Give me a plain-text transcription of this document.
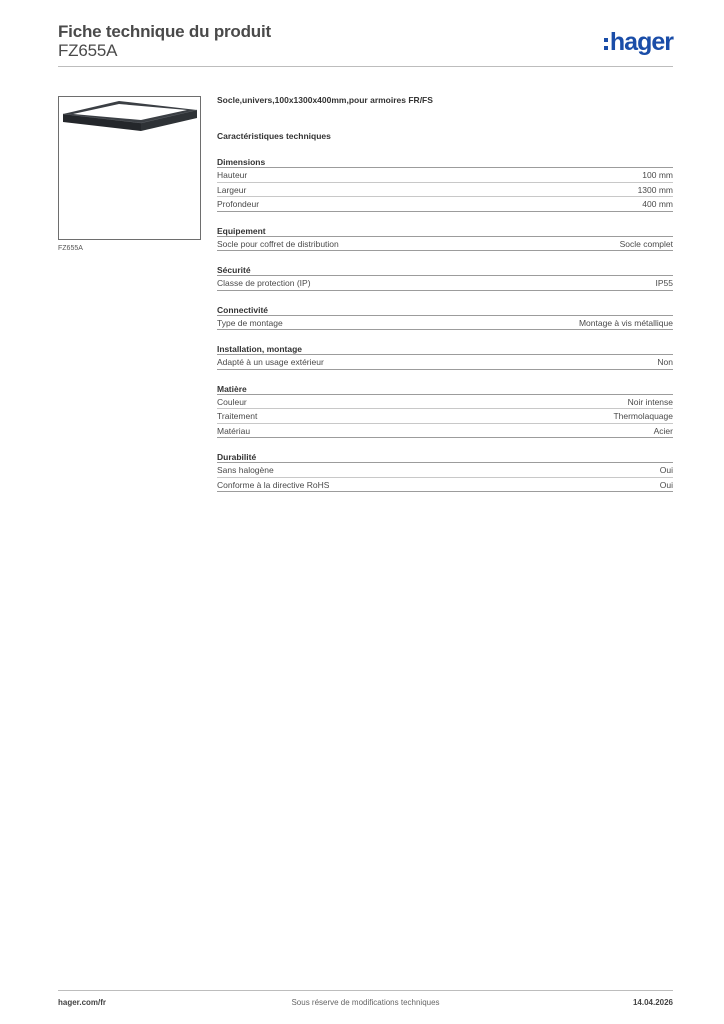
Fiche technique du produit
FZ655A	hager
FZ655A
Socle,univers,100x1300x400mm,pour armoires FR/FS
Caractéristiques techniques
Dimensions
Hauteur	100 mm
Largeur	1300 mm
Profondeur	400 mm
Equipement
Socle pour coffret de distribution	Socle complet
Sécurité
Classe de protection (IP)	IP55
Connectivité
Type de montage	Montage à vis métallique
Installation, montage
Adapté à un usage extérieur	Non
Matière
Couleur	Noir intense
Traitement	Thermolaquage
Matériau	Acier
Durabilité
Sans halogène	Oui
Conforme à la directive RoHS	Oui
hager.com/fr	Sous réserve de modifications techniques	14.04.2026
